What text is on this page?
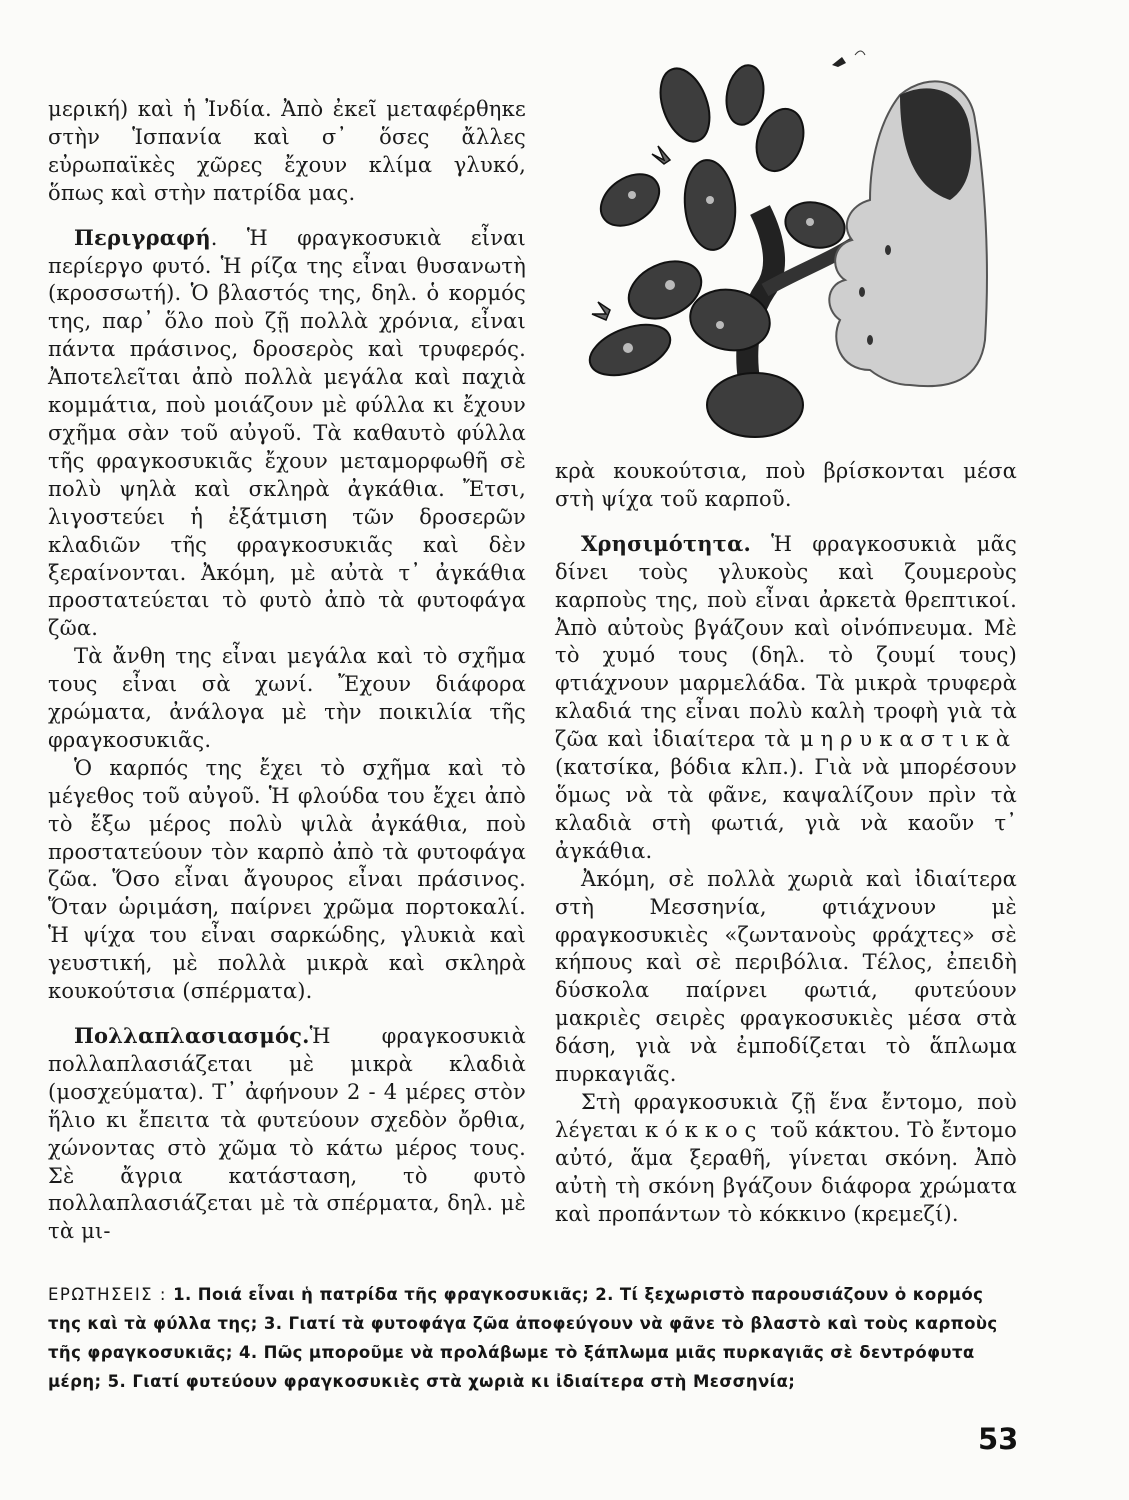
μερική) καὶ ἡ Ἰνδία. Ἀπὸ ἐκεῖ μεταφέρθηκε στὴν Ἱσπανία καὶ σ᾿ ὅσες ἄλλες εὐρωπαϊκὲς χῶρες ἔχουν κλίμα γλυκό, ὅπως καὶ στὴν πατρίδα μας.

Περιγραφή. Ἡ φραγκοσυκιὰ εἶναι περίεργο φυτό. Ἡ ρίζα της εἶναι θυσανωτὴ (κροσσωτή). Ὁ βλαστός της, δηλ. ὁ κορμός της, παρ᾿ ὅλο ποὺ ζῇ πολλὰ χρόνια, εἶναι πάντα πράσινος, δροσερὸς καὶ τρυφερός. Ἀποτελεῖται ἀπὸ πολλὰ μεγάλα καὶ παχιὰ κομμάτια, ποὺ μοιάζουν μὲ φύλλα κι ἔχουν σχῆμα σὰν τοῦ αὐγοῦ. Τὰ καθαυτὸ φύλλα τῆς φραγκοσυκιᾶς ἔχουν μεταμορφωθῆ σὲ πολὺ ψηλὰ καὶ σκληρὰ ἀγκάθια. Ἔτσι, λιγοστεύει ἡ ἐξάτμιση τῶν δροσερῶν κλαδιῶν τῆς φραγκοσυκιᾶς καὶ δὲν ξεραίνονται. Ἀκόμη, μὲ αὐτὰ τ᾿ ἀγκάθια προστατεύεται τὸ φυτὸ ἀπὸ τὰ φυτοφάγα ζῶα.

Τὰ ἄνθη της εἶναι μεγάλα καὶ τὸ σχῆμα τους εἶναι σὰ χωνί. Ἔχουν διάφορα χρώματα, ἀνάλογα μὲ τὴν ποικιλία τῆς φραγκοσυκιᾶς.

Ὁ καρπός της ἔχει τὸ σχῆμα καὶ τὸ μέγεθος τοῦ αὐγοῦ. Ἡ φλούδα του ἔχει ἀπὸ τὸ ἔξω μέρος πολὺ ψιλὰ ἀγκάθια, ποὺ προστατεύουν τὸν καρπὸ ἀπὸ τὰ φυτοφάγα ζῶα. Ὅσο εἶναι ἄγουρος εἶναι πράσινος. Ὅταν ὡριμάση, παίρνει χρῶμα πορτοκαλί. Ἡ ψίχα του εἶναι σαρκώδης, γλυκιὰ καὶ γευστική, μὲ πολλὰ μικρὰ καὶ σκληρὰ κουκούτσια (σπέρματα).

Πολλαπλασιασμός.Ἡ φραγκοσυκιὰ πολλαπλασιάζεται μὲ μικρὰ κλαδιὰ (μοσχεύματα). Τ᾿ ἀφήνουν 2 - 4 μέρες στὸν ἥλιο κι ἔπειτα τὰ φυτεύουν σχεδὸν ὄρθια, χώνοντας στὸ χῶμα τὸ κάτω μέρος τους. Σὲ ἄγρια κατάσταση, τὸ φυτὸ πολλαπλασιάζεται μὲ τὰ σπέρματα, δηλ. μὲ τὰ μι-

κρὰ κουκούτσια, ποὺ βρίσκονται μέσα στὴ ψίχα τοῦ καρποῦ.

Χρησιμότητα. Ἡ φραγκοσυκιὰ μᾶς δίνει τοὺς γλυκοὺς καὶ ζουμεροὺς καρποὺς της, ποὺ εἶναι ἀρκετὰ θρεπτικοί. Ἀπὸ αὐτοὺς βγάζουν καὶ οἰνόπνευμα. Μὲ τὸ χυμό τους (δηλ. τὸ ζουμί τους) φτιάχνουν μαρμελάδα. Τὰ μικρὰ τρυφερὰ κλαδιά της εἶναι πολὺ καλὴ τροφὴ γιὰ τὰ ζῶα καὶ ἰδιαίτερα τὰ μηρυκαστικὰ (κατσίκα, βόδια κλπ.). Γιὰ νὰ μπορέσουν ὅμως νὰ τὰ φᾶνε, καψαλίζουν πρὶν τὰ κλαδιὰ στὴ φωτιά, γιὰ νὰ καοῦν τ᾿ ἀγκάθια.

Ἀκόμη, σὲ πολλὰ χωριὰ καὶ ἰδιαίτερα στὴ Μεσσηνία, φτιάχνουν μὲ φραγκοσυκιὲς «ζωντανοὺς φράχτες» σὲ κήπους καὶ σὲ περιβόλια. Τέλος, ἐπειδὴ δύσκολα παίρνει φωτιά, φυτεύουν μακριὲς σειρὲς φραγκοσυκιὲς μέσα στὰ δάση, γιὰ νὰ ἐμποδίζεται τὸ ἅπλωμα πυρκαγιᾶς.

Στὴ φραγκοσυκιὰ ζῇ ἕνα ἔντομο, ποὺ λέγεται κόκκος τοῦ κάκτου. Τὸ ἔντομο αὐτό, ἅμα ξεραθῆ, γίνεται σκόνη. Ἀπὸ αὐτὴ τὴ σκόνη βγάζουν διάφορα χρώματα καὶ προπάντων τὸ κόκκινο (κρεμεζί).

ΕΡΩΤΗΣΕΙΣ : 1. Ποιά εἶναι ἡ πατρίδα τῆς φραγκοσυκιᾶς; 2. Τί ξεχωριστὸ παρουσιάζουν ὁ κορμός της καὶ τὰ φύλλα της; 3. Γιατί τὰ φυτοφάγα ζῶα ἀποφεύγουν νὰ φᾶνε τὸ βλαστὸ καὶ τοὺς καρποὺς τῆς φραγκοσυκιᾶς; 4. Πῶς μποροῦμε νὰ προλάβωμε τὸ ξάπλωμα μιᾶς πυρκαγιᾶς σὲ δεντρόφυτα μέρη; 5. Γιατί φυτεύουν φραγκοσυκιὲς στὰ χωριὰ κι ἰδιαίτερα στὴ Μεσσηνία;
53
